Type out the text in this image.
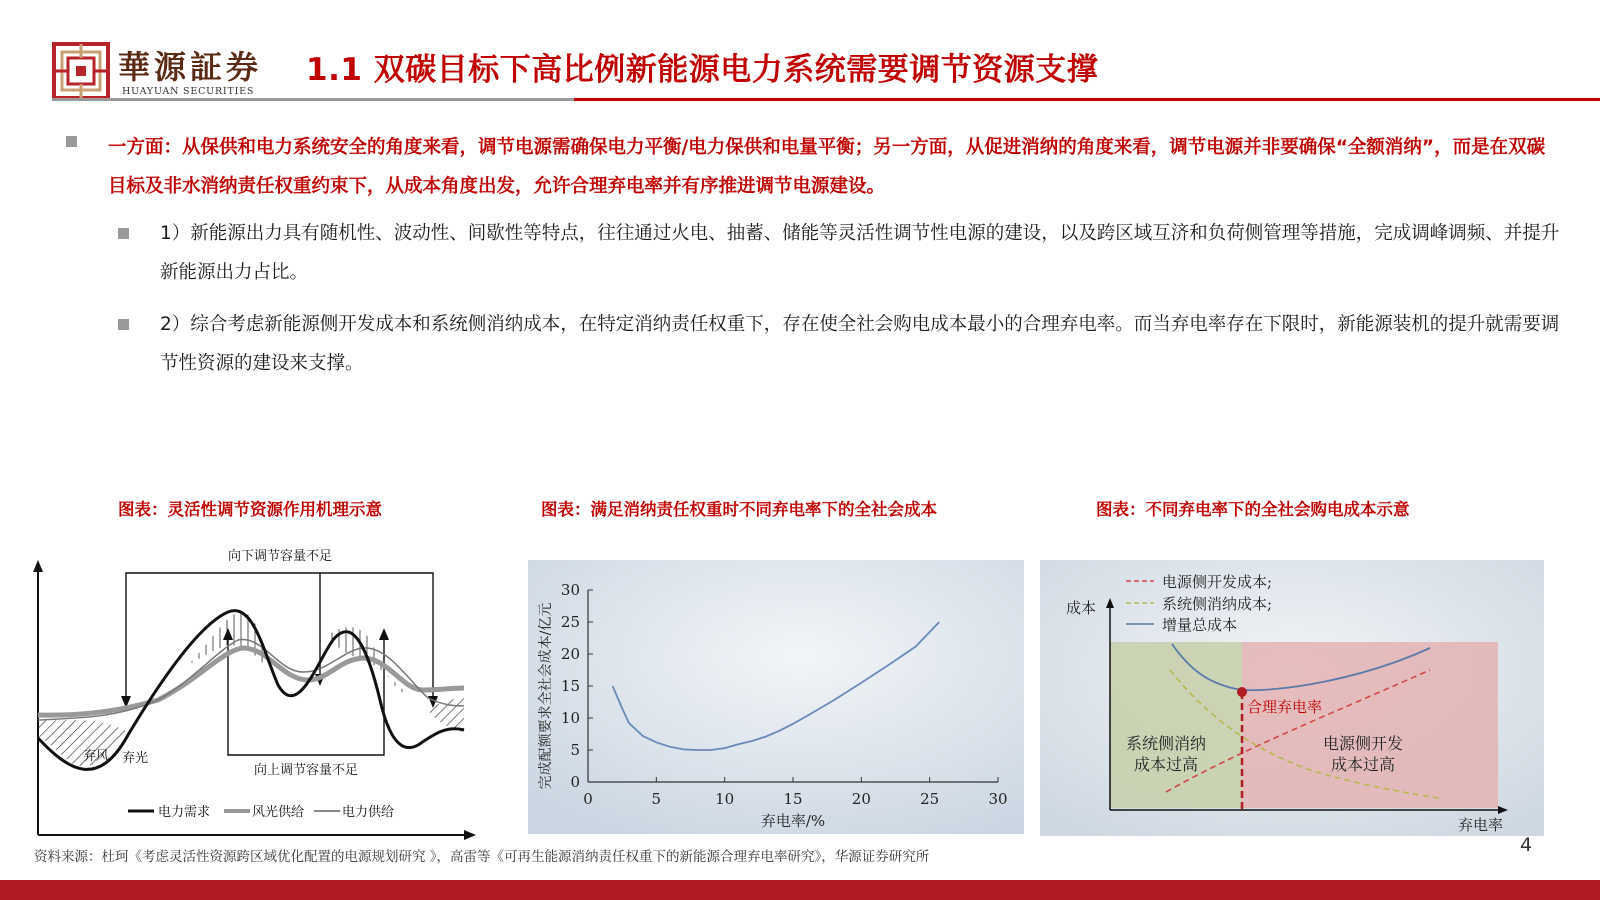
華源証券
HUAYUAN SECURITIES
1.1 双碳目标下高比例新能源电力系统需要调节资源支撑
一方面：从保供和电力系统安全的角度来看，调节电源需确保电力平衡/电力保供和电量平衡；另一方面，从促进消纳的角度来看，调节电源并非要确保“全额消纳”，而是在双碳目标及非水消纳责任权重约束下，从成本角度出发，允许合理弃电率并有序推进调节电源建设。
1）新能源出力具有随机性、波动性、间歇性等特点，往往通过火电、抽蓄、储能等灵活性调节性电源的建设，以及跨区域互济和负荷侧管理等措施，完成调峰调频、并提升新能源出力占比。
2）综合考虑新能源侧开发成本和系统侧消纳成本，在特定消纳责任权重下，存在使全社会购电成本最小的合理弃电率。而当弃电率存在下限时，新能源装机的提升就需要调节性资源的建设来支撑。
图表：灵活性调节资源作用机理示意	图表：满足消纳责任权重时不同弃电率下的全社会成本	图表：不同弃电率下的全社会购电成本示意
向下调节容量不足
向上调节容量不足
弃风 弃光
电力需求	风光供给	电力供给
0	5	10	15	20	25	30
0
5
10
15
20
25
30
弃电率/%
完成配额要求全社会成本/亿元	成本
弃电率
电源侧开发成本;
系统侧消纳成本;
增量总成本
合理弃电率
系统侧消纳
成本过高
电源侧开发
成本过高
资料来源：杜珂《考虑灵活性资源跨区域优化配置的电源规划研究 》，高雷等《可再生能源消纳责任权重下的新能源合理弃电率研究》，华源证券研究所
4
